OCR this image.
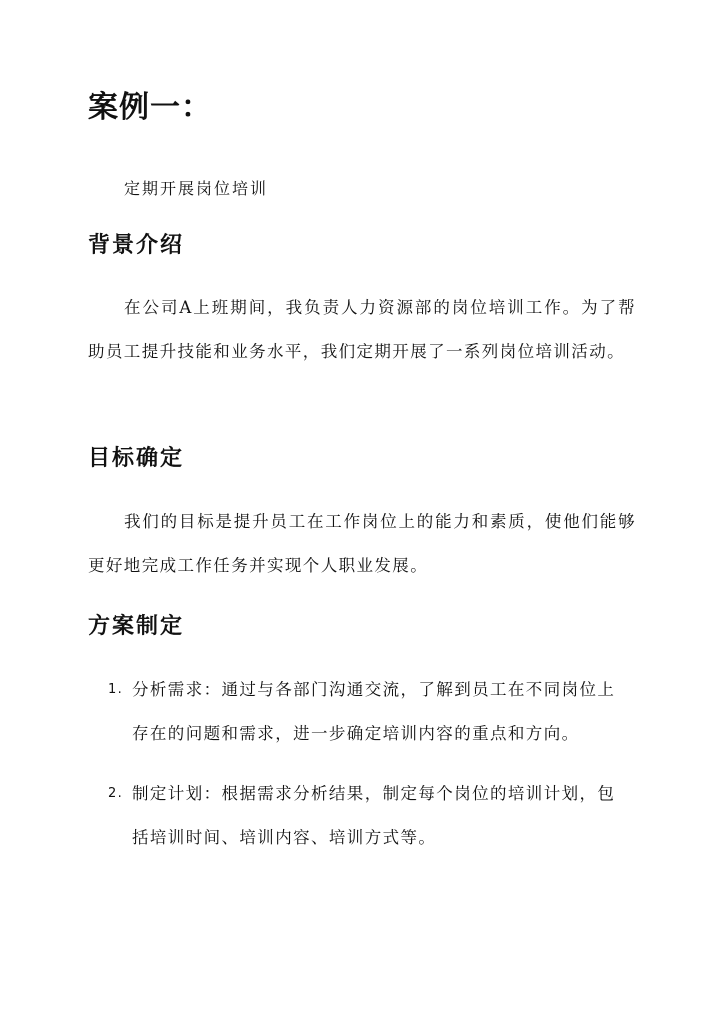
案例一：

定期开展岗位培训

背景介绍

在公司A上班期间，我负责人力资源部的岗位培训工作。为了帮助员工提升技能和业务水平，我们定期开展了一系列岗位培训活动。

目标确定

我们的目标是提升员工在工作岗位上的能力和素质，使他们能够更好地完成工作任务并实现个人职业发展。

方案制定
1. 分析需求：通过与各部门沟通交流，了解到员工在不同岗位上存在的问题和需求，进一步确定培训内容的重点和方向。
2. 制定计划：根据需求分析结果，制定每个岗位的培训计划，包括培训时间、培训内容、培训方式等。
